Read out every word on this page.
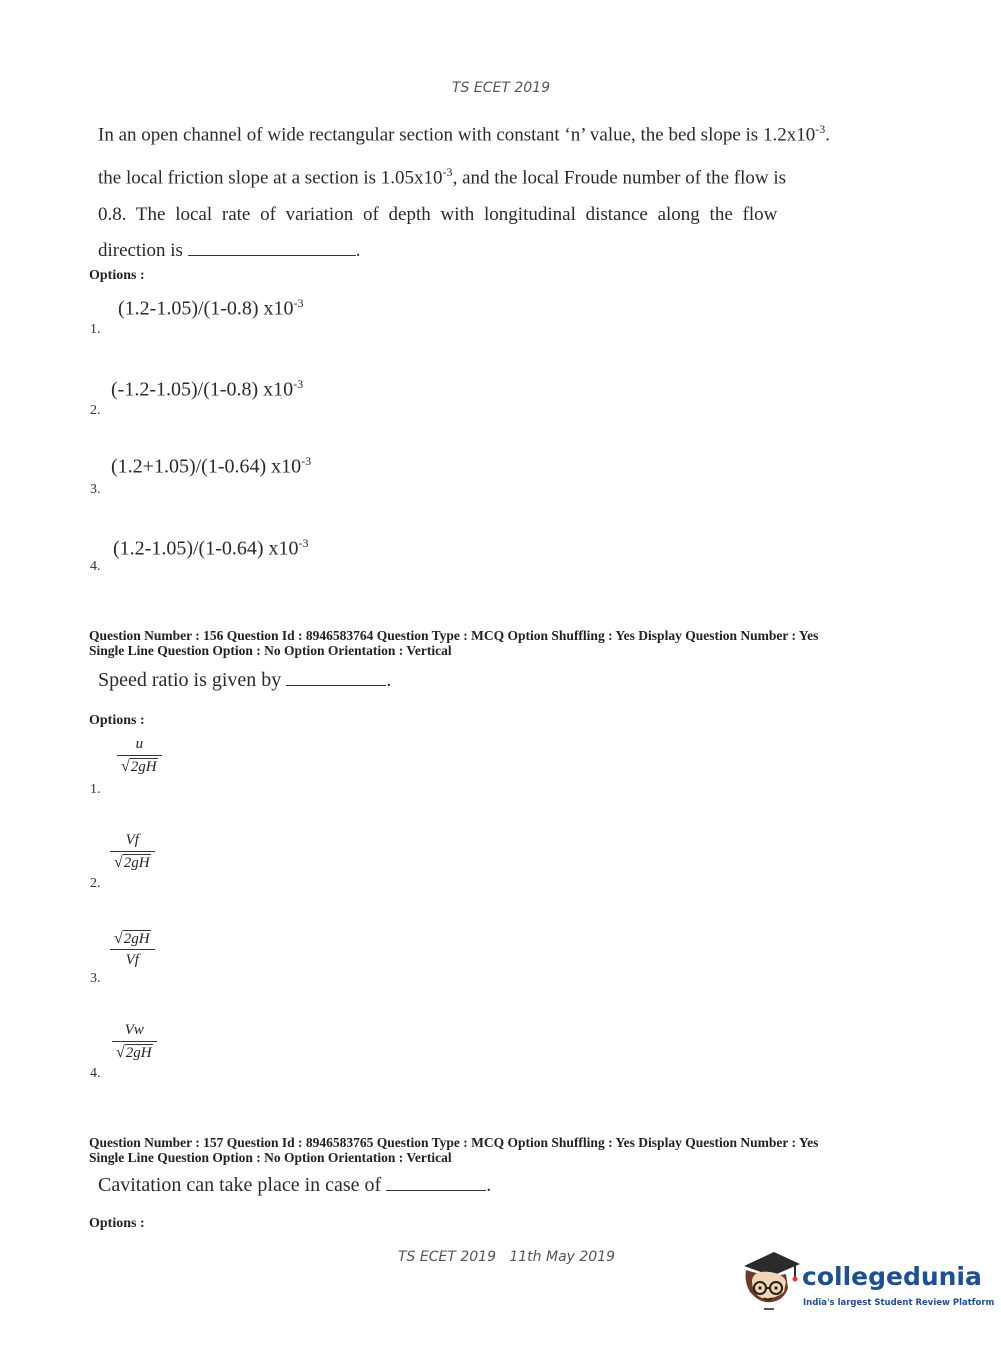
TS ECET 2019
In an open channel of wide rectangular section with constant ‘n’ value, the bed slope is $1.2x10^{-3}$.
the local friction slope at a section is $1.05x10^{-3}$, and the local Froude number of the flow is
0.8. The local rate of variation of depth with longitudinal distance along the flow
direction is	.
Options :
(1.2-1.05)/(1-0.8) $x10^{-3}$
1.
(-1.2-1.05)/(1-0.8) $x10^{-3}$
2.
(1.2+1.05)/(1-0.64) $x10^{-3}$
3.
(1.2-1.05)/(1-0.64) $x10^{-3}$
4.
Question Number : 156 Question Id : 8946583764 Question Type : MCQ Option Shuffling : Yes Display Question Number : Yes
Single Line Question Option : No Option Orientation : Vertical
Speed ratio is given by	.
Options :
u
√ 2gH
1.
Vf
√ 2gH
2.
√ 2gH
Vf
3.
Vw
√ 2gH
4.
Question Number : 157 Question Id : 8946583765 Question Type : MCQ Option Shuffling : Yes Display Question Number : Yes
Single Line Question Option : No Option Orientation : Vertical
Cavitation can take place in case of	.
Options :
TS ECET 2019 11th May 2019
collegedunia
India's largest Student Review Platform
